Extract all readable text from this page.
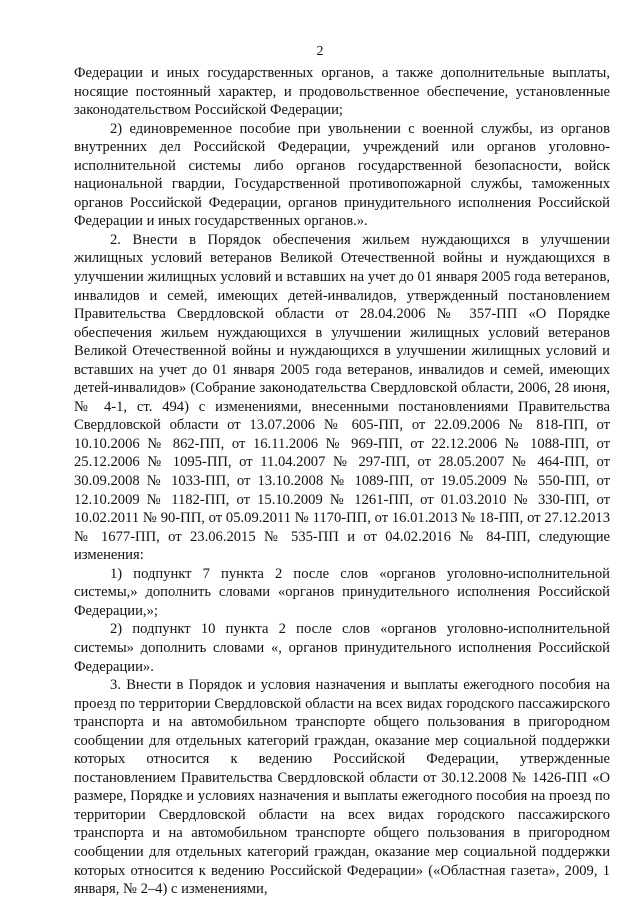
2

Федерации и иных государственных органов, а также дополнительные выплаты, носящие постоянный характер, и продовольственное обеспечение, установленные законодательством Российской Федерации;

2) единовременное пособие при увольнении с военной службы, из органов внутренних дел Российской Федерации, учреждений или органов уголовно-исполнительной системы либо органов государственной безопасности, войск национальной гвардии, Государственной противопожарной службы, таможенных органов Российской Федерации, органов принудительного исполнения Российской Федерации и иных государственных органов.».

2. Внести в Порядок обеспечения жильем нуждающихся в улучшении жилищных условий ветеранов Великой Отечественной войны и нуждающихся в улучшении жилищных условий и вставших на учет до 01 января 2005 года ветеранов, инвалидов и семей, имеющих детей-инвалидов, утвержденный постановлением Правительства Свердловской области от 28.04.2006 № 357-ПП «О Порядке обеспечения жильем нуждающихся в улучшении жилищных условий ветеранов Великой Отечественной войны и нуждающихся в улучшении жилищных условий и вставших на учет до 01 января 2005 года ветеранов, инвалидов и семей, имеющих детей-инвалидов» (Собрание законодательства Свердловской области, 2006, 28 июня, № 4-1, ст. 494) с изменениями, внесенными постановлениями Правительства Свердловской области от 13.07.2006 № 605-ПП, от 22.09.2006 № 818-ПП, от 10.10.2006 № 862-ПП, от 16.11.2006 № 969-ПП, от 22.12.2006 № 1088-ПП, от 25.12.2006 № 1095-ПП, от 11.04.2007 № 297-ПП, от 28.05.2007 № 464-ПП, от 30.09.2008 № 1033-ПП, от 13.10.2008 № 1089-ПП, от 19.05.2009 № 550-ПП, от 12.10.2009 № 1182-ПП, от 15.10.2009 № 1261-ПП, от 01.03.2010 № 330-ПП, от 10.02.2011 № 90-ПП, от 05.09.2011 № 1170-ПП, от 16.01.2013 № 18-ПП, от 27.12.2013 № 1677-ПП, от 23.06.2015 № 535-ПП и от 04.02.2016 № 84-ПП, следующие изменения:

1) подпункт 7 пункта 2 после слов «органов уголовно-исполнительной системы,» дополнить словами «органов принудительного исполнения Российской Федерации,»;

2) подпункт 10 пункта 2 после слов «органов уголовно-исполнительной системы» дополнить словами «, органов принудительного исполнения Российской Федерации».

3. Внести в Порядок и условия назначения и выплаты ежегодного пособия на проезд по территории Свердловской области на всех видах городского пассажирского транспорта и на автомобильном транспорте общего пользования в пригородном сообщении для отдельных категорий граждан, оказание мер социальной поддержки которых относится к ведению Российской Федерации, утвержденные постановлением Правительства Свердловской области от 30.12.2008 № 1426-ПП «О размере, Порядке и условиях назначения и выплаты ежегодного пособия на проезд по территории Свердловской области на всех видах городского пассажирского транспорта и на автомобильном транспорте общего пользования в пригородном сообщении для отдельных категорий граждан, оказание мер социальной поддержки которых относится к ведению Российской Федерации» («Областная газета», 2009, 1 января, № 2–4) с изменениями,
